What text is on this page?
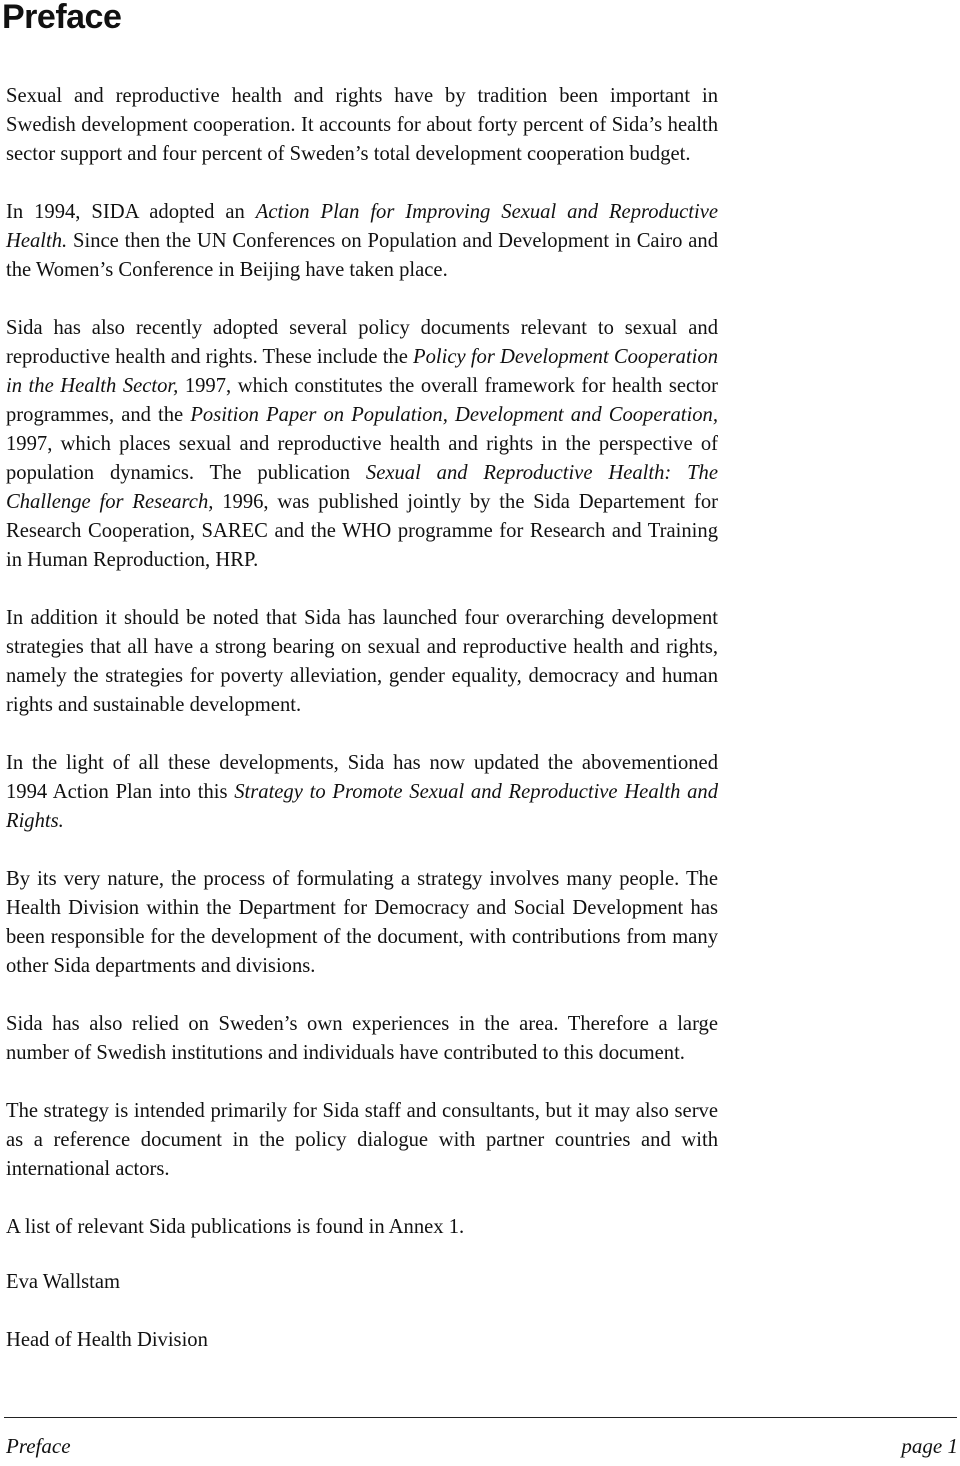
Preface

Sexual and reproductive health and rights have by tradition been important in Swedish development cooperation. It accounts for about forty percent of Sida’s health sector support and four percent of Sweden’s total development cooperation budget.

In 1994, SIDA adopted an Action Plan for Improving Sexual and Reproductive Health. Since then the UN Conferences on Population and Development in Cairo and the Women’s Conference in Beijing have taken place.

Sida has also recently adopted several policy documents relevant to sexual and reproductive health and rights. These include the Policy for Development Cooperation in the Health Sector, 1997, which constitutes the overall framework for health sector programmes, and the Position Paper on Population, Development and Cooperation, 1997, which places sexual and reproductive health and rights in the perspective of population dynamics. The publication Sexual and Reproductive Health: The Challenge for Research, 1996, was published jointly by the Sida Departement for Research Cooperation, SAREC and the WHO programme for Research and Training in Human Reproduction, HRP.

In addition it should be noted that Sida has launched four overarching development strategies that all have a strong bearing on sexual and reproductive health and rights, namely the strategies for poverty alleviation, gender equality, democracy and human rights and sustainable development.

In the light of all these developments, Sida has now updated the abovementioned 1994 Action Plan into this Strategy to Promote Sexual and Reproductive Health and Rights.

By its very nature, the process of formulating a strategy involves many people. The Health Division within the Department for Democracy and Social Development has been responsible for the development of the document, with contributions from many other Sida departments and divisions.

Sida has also relied on Sweden’s own experiences in the area. Therefore a large number of Swedish institutions and individuals have contributed to this document.

The strategy is intended primarily for Sida staff and consultants, but it may also serve as a reference document in the policy dialogue with partner countries and with international actors.

A list of relevant Sida publications is found in Annex 1.

Eva Wallstam

Head of Health Division

Preface	page 1
